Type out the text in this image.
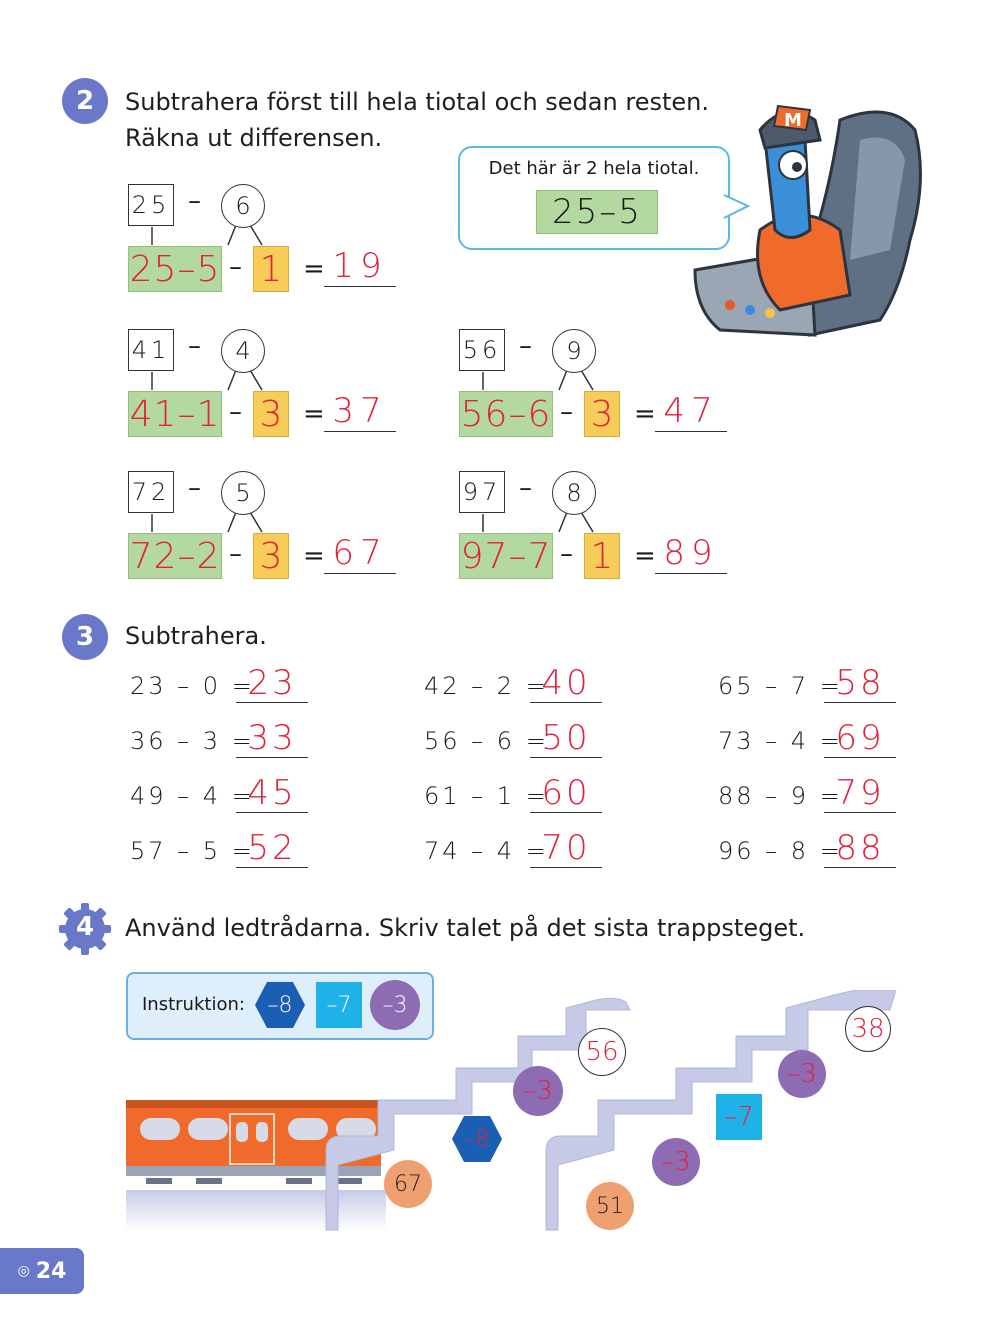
2	Subtrahera först till hela tiotal och sedan resten.
Räkna ut differensen.
Det här är 2 hela tiotal.
25–5
M
25 –	6
25–5 – 1 = 19
41 –	4
41–1 – 3 = 37
56 –	9
56–6 – 3 = 47
72 –	5
72–2 – 3 = 67
97 –	8
97–7 – 1 = 89
3	Subtrahera.
23 – 0 =
23
36 – 3 =
33
49 – 4 =
45
57 – 5 =
52
42 – 2 =
40
56 – 6 =
50
61 – 1 =
60
74 – 4 =
70
65 – 7 =
58
73 – 4 =
69
88 – 9 =
79
96 – 8 =
88
4	Använd ledtrådarna. Skriv talet på det sista trappsteget.
Instruktion:	–8	–7	–3
67
–8
–3
56
51
–3
–7
–3
38
◎ 24
